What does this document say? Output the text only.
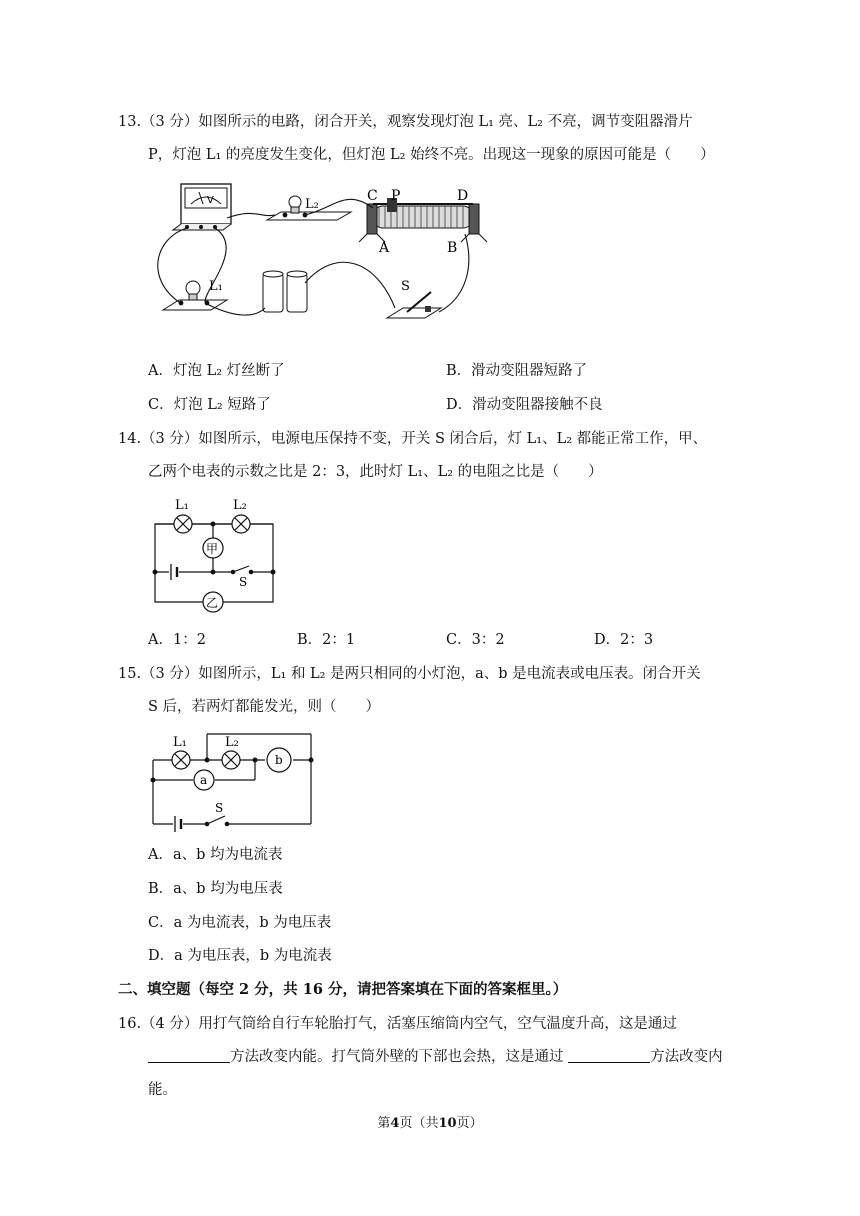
13.（3 分）如图所示的电路，闭合开关，观察发现灯泡 L₁ 亮、L₂ 不亮，调节变阻器滑片
P，灯泡 L₁ 的亮度发生变化，但灯泡 L₂ 始终不亮。出现这一现象的原因可能是（　　）
V	L₂
C P	D
A	B
L₁	S
A．灯泡 L₂ 灯丝断了	B．滑动变阻器短路了
C．灯泡 L₂ 短路了	D．滑动变阻器接触不良
14.（3 分）如图所示，电源电压保持不变，开关 S 闭合后，灯 L₁、L₂ 都能正常工作，甲、
乙两个电表的示数之比是 2：3，此时灯 L₁、L₂ 的电阻之比是（　　）
L₁	L₂
甲
S
乙
A．1：2	B．2：1	C．3：2	D．2：3
15.（3 分）如图所示，L₁ 和 L₂ 是两只相同的小灯泡，a、b 是电流表或电压表。闭合开关
S 后，若两灯都能发光，则（　　）
L₁	L₂
a
b
S
A．a、b 均为电流表
B．a、b 均为电压表
C．a 为电流表，b 为电压表
D．a 为电压表，b 为电流表
二、填空题（每空 2 分，共 16 分，请把答案填在下面的答案框里。）
16.（4 分）用打气筒给自行车轮胎打气，活塞压缩筒内空气，空气温度升高，这是通过
方法改变内能。打气筒外壁的下部也会热，这是通过	方法改变内
能。
第4页（共10页）
